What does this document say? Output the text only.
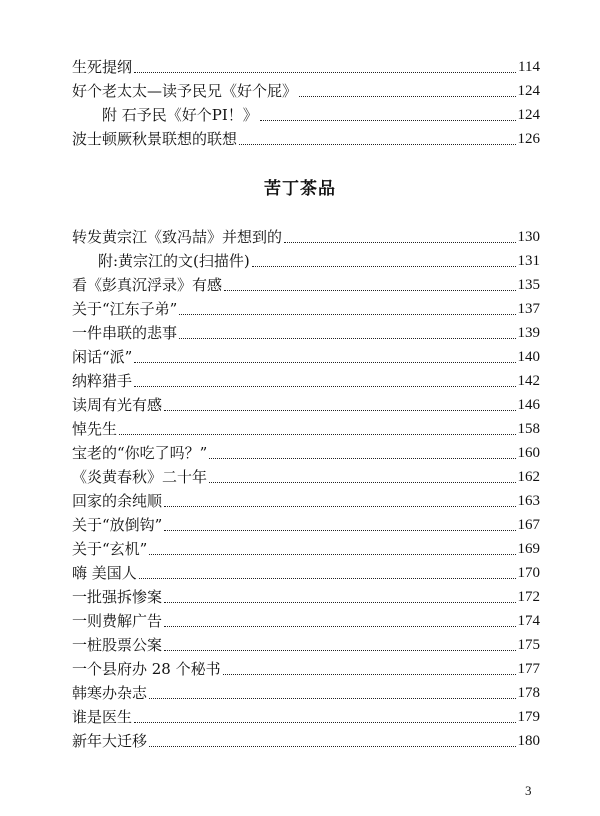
生死提纲	114
好个老太太—读予民兄《好个屁》	124
附 石予民《好个PI！》	124
波士顿厥秋景联想的联想	126
苦丁茶品
转发黄宗江《致冯喆》并想到的	130
附:黄宗江的文(扫描件)	131
看《彭真沉浮录》有感	135
关于“江东子弟”	137
一件串联的悲事	139
闲话“派”	140
纳粹猎手	142
读周有光有感	146
悼先生	158
宝老的“你吃了吗？”	160
《炎黄春秋》二十年	162
回家的余纯顺	163
关于“放倒钩”	167
关于“玄机”	169
嗨 美国人	170
一批强拆惨案	172
一则费解广告	174
一桩股票公案	175
一个县府办 28 个秘书	177
韩寒办杂志	178
谁是医生	179
新年大迁移	180
3
